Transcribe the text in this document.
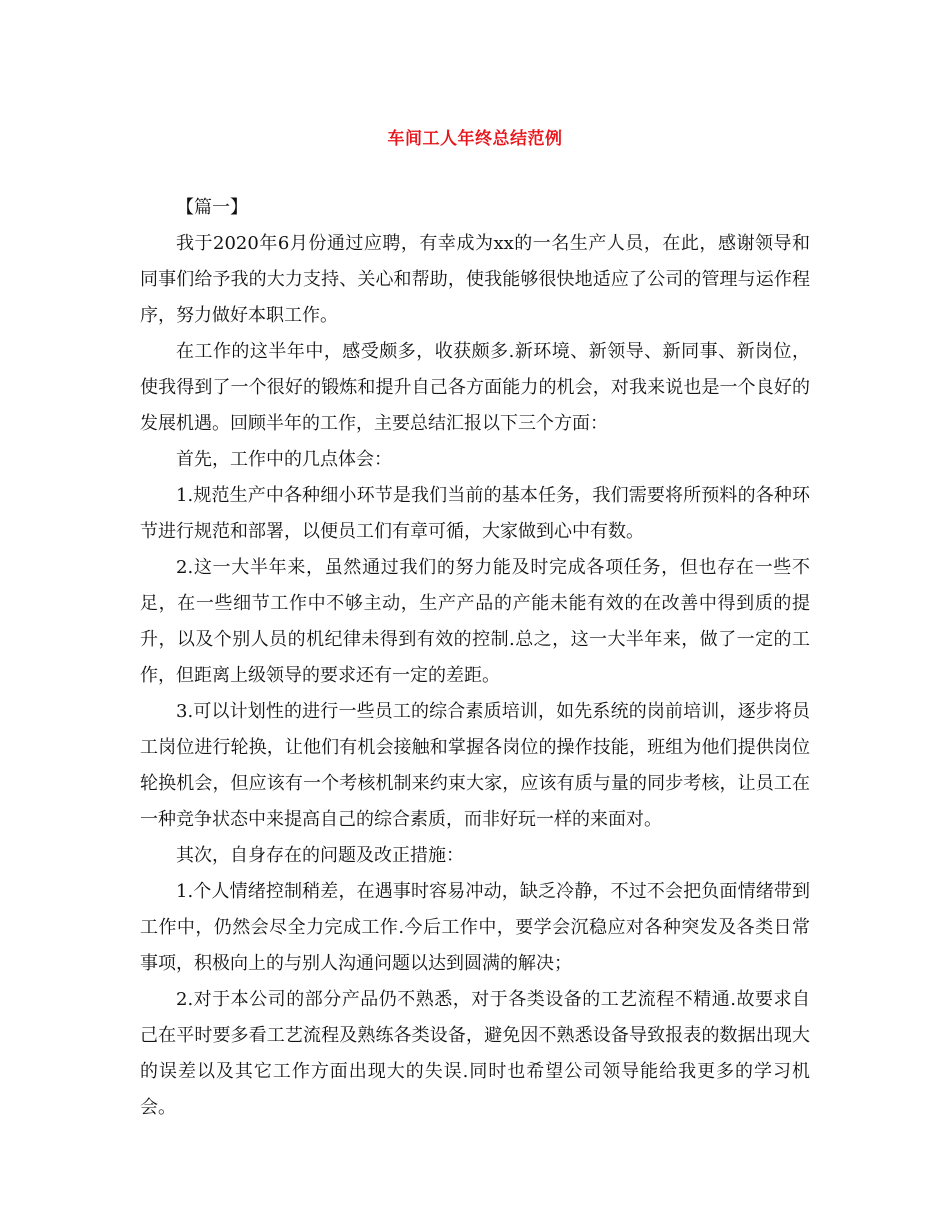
车间工人年终总结范例

【篇一】

我于2020年6月份通过应聘，有幸成为xx的一名生产人员，在此，感谢领导和同事们给予我的大力支持、关心和帮助，使我能够很快地适应了公司的管理与运作程序，努力做好本职工作。

在工作的这半年中，感受颇多，收获颇多.新环境、新领导、新同事、新岗位，使我得到了一个很好的锻炼和提升自己各方面能力的机会，对我来说也是一个良好的发展机遇。回顾半年的工作，主要总结汇报以下三个方面：

首先，工作中的几点体会：

1.规范生产中各种细小环节是我们当前的基本任务，我们需要将所预料的各种环节进行规范和部署，以便员工们有章可循，大家做到心中有数。

2.这一大半年来，虽然通过我们的努力能及时完成各项任务，但也存在一些不足，在一些细节工作中不够主动，生产产品的产能未能有效的在改善中得到质的提升，以及个别人员的机纪律未得到有效的控制.总之，这一大半年来，做了一定的工作，但距离上级领导的要求还有一定的差距。

3.可以计划性的进行一些员工的综合素质培训，如先系统的岗前培训，逐步将员工岗位进行轮换，让他们有机会接触和掌握各岗位的操作技能，班组为他们提供岗位轮换机会，但应该有一个考核机制来约束大家，应该有质与量的同步考核，让员工在一种竞争状态中来提高自己的综合素质，而非好玩一样的来面对。

其次，自身存在的问题及改正措施：

1.个人情绪控制稍差，在遇事时容易冲动，缺乏冷静，不过不会把负面情绪带到工作中，仍然会尽全力完成工作.今后工作中，要学会沉稳应对各种突发及各类日常事项，积极向上的与别人沟通问题以达到圆满的解决；

2.对于本公司的部分产品仍不熟悉，对于各类设备的工艺流程不精通.故要求自己在平时要多看工艺流程及熟练各类设备，避免因不熟悉设备导致报表的数据出现大的误差以及其它工作方面出现大的失误.同时也希望公司领导能给我更多的学习机会。
